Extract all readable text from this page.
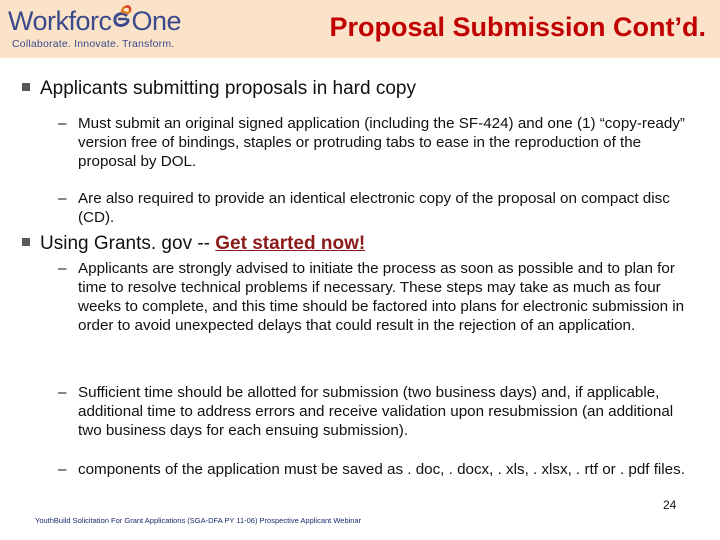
Workforc One
Collaborate. Innovate. Transform.
Proposal Submission Cont’d.
Applicants submitting proposals in hard copy
– Must submit an original signed application (including the SF-424) and one (1) “copy-ready” version free of bindings, staples or protruding tabs to ease in the reproduction of the proposal by DOL.
– Are also required to provide an identical electronic copy of the proposal on compact disc (CD).
Using Grants. gov -- Get started now!
– Applicants are strongly advised to initiate the process as soon as possible and to plan for time to resolve technical problems if necessary. These steps may take as much as four weeks to complete, and this time should be factored into plans for electronic submission in order to avoid unexpected delays that could result in the rejection of an application.
– Sufficient time should be allotted for submission (two business days) and, if applicable, additional time to address errors and receive validation upon resubmission (an additional two business days for each ensuing submission).
– components of the application must be saved as . doc, . docx, . xls, . xlsx, . rtf or . pdf files.
24
YouthBuild Solicitation For Grant Applications (SGA-DFA PY 11-06) Prospective Applicant Webinar
